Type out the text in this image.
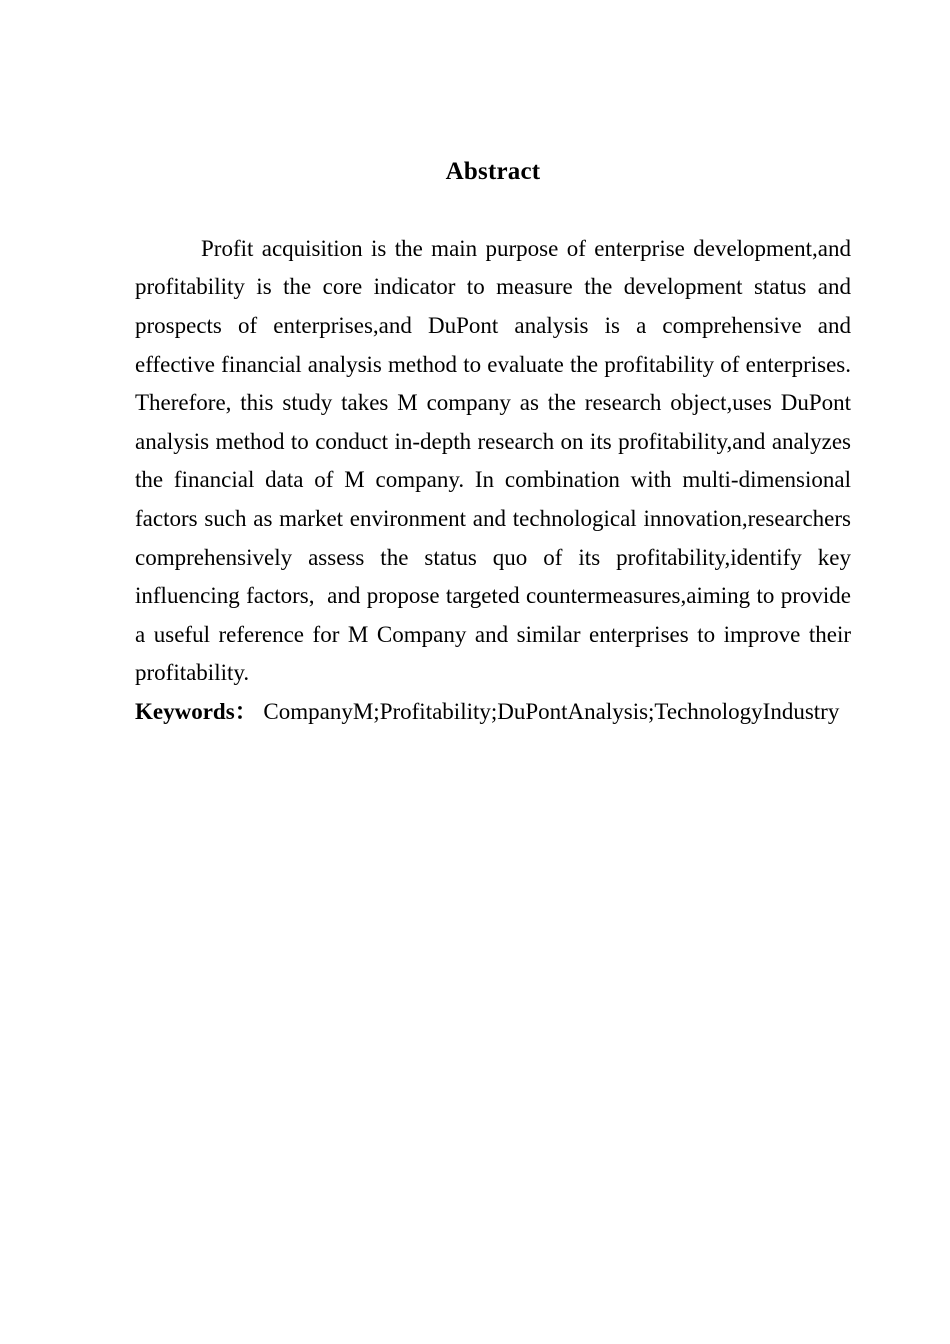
Abstract

Profit acquisition is the main purpose of enterprise development,and profitability is the core indicator to measure the development status and prospects of enterprises,and DuPont analysis is a comprehensive and effective financial analysis method to evaluate the profitability of enterprises. Therefore, this study takes M company as the research object,uses DuPont analysis method to conduct in-depth research on its profitability,and analyzes the financial data of M company. In combination with multi-dimensional factors such as market environment and technological innovation,researchers comprehensively assess the status quo of its profitability,identify key influencing factors,  and propose targeted countermeasures,aiming to provide a useful reference for M Company and similar enterprises to improve their profitability.

Keywords： CompanyM;Profitability;DuPontAnalysis;TechnologyIndustry
